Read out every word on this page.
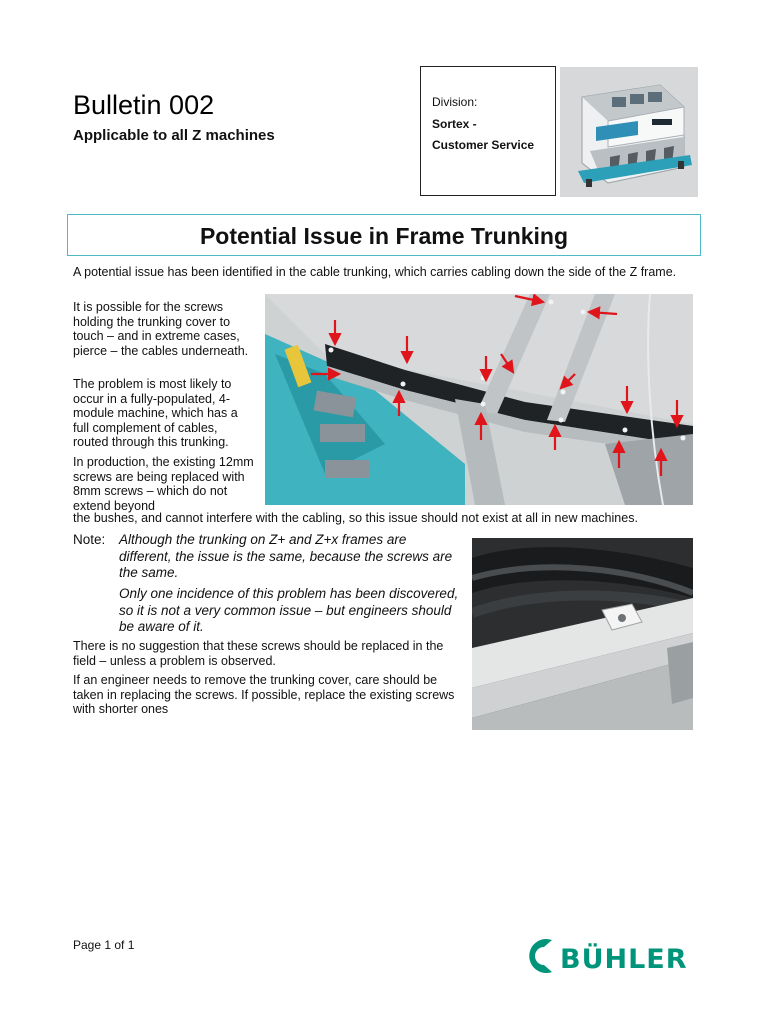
Bulletin 002
Applicable to all Z machines
Division:
Sortex -
Customer Service
Potential Issue in Frame Trunking
A potential issue has been identified in the cable trunking, which carries cabling down the side of the Z frame.
It is possible for the screws holding the trunking cover to touch – and in extreme cases, pierce – the cables underneath.
The problem is most likely to occur in a fully-populated, 4-module machine, which has a full complement of cables, routed through this trunking.
In production, the existing 12mm screws are being replaced with 8mm screws – which do not extend beyond
the bushes, and cannot interfere with the cabling, so this issue should not exist at all in new machines.
Note: Although the trunking on Z+ and Z+x frames are different, the issue is the same, because the screws are the same.
Only one incidence of this problem has been discovered, so it is not a very common issue – but engineers should be aware of it.
There is no suggestion that these screws should be replaced in the field – unless a problem is observed.
If an engineer needs to remove the trunking cover, care should be taken in replacing the screws. If possible, replace the existing screws with shorter ones
Page 1 of 1	BÜHLER
